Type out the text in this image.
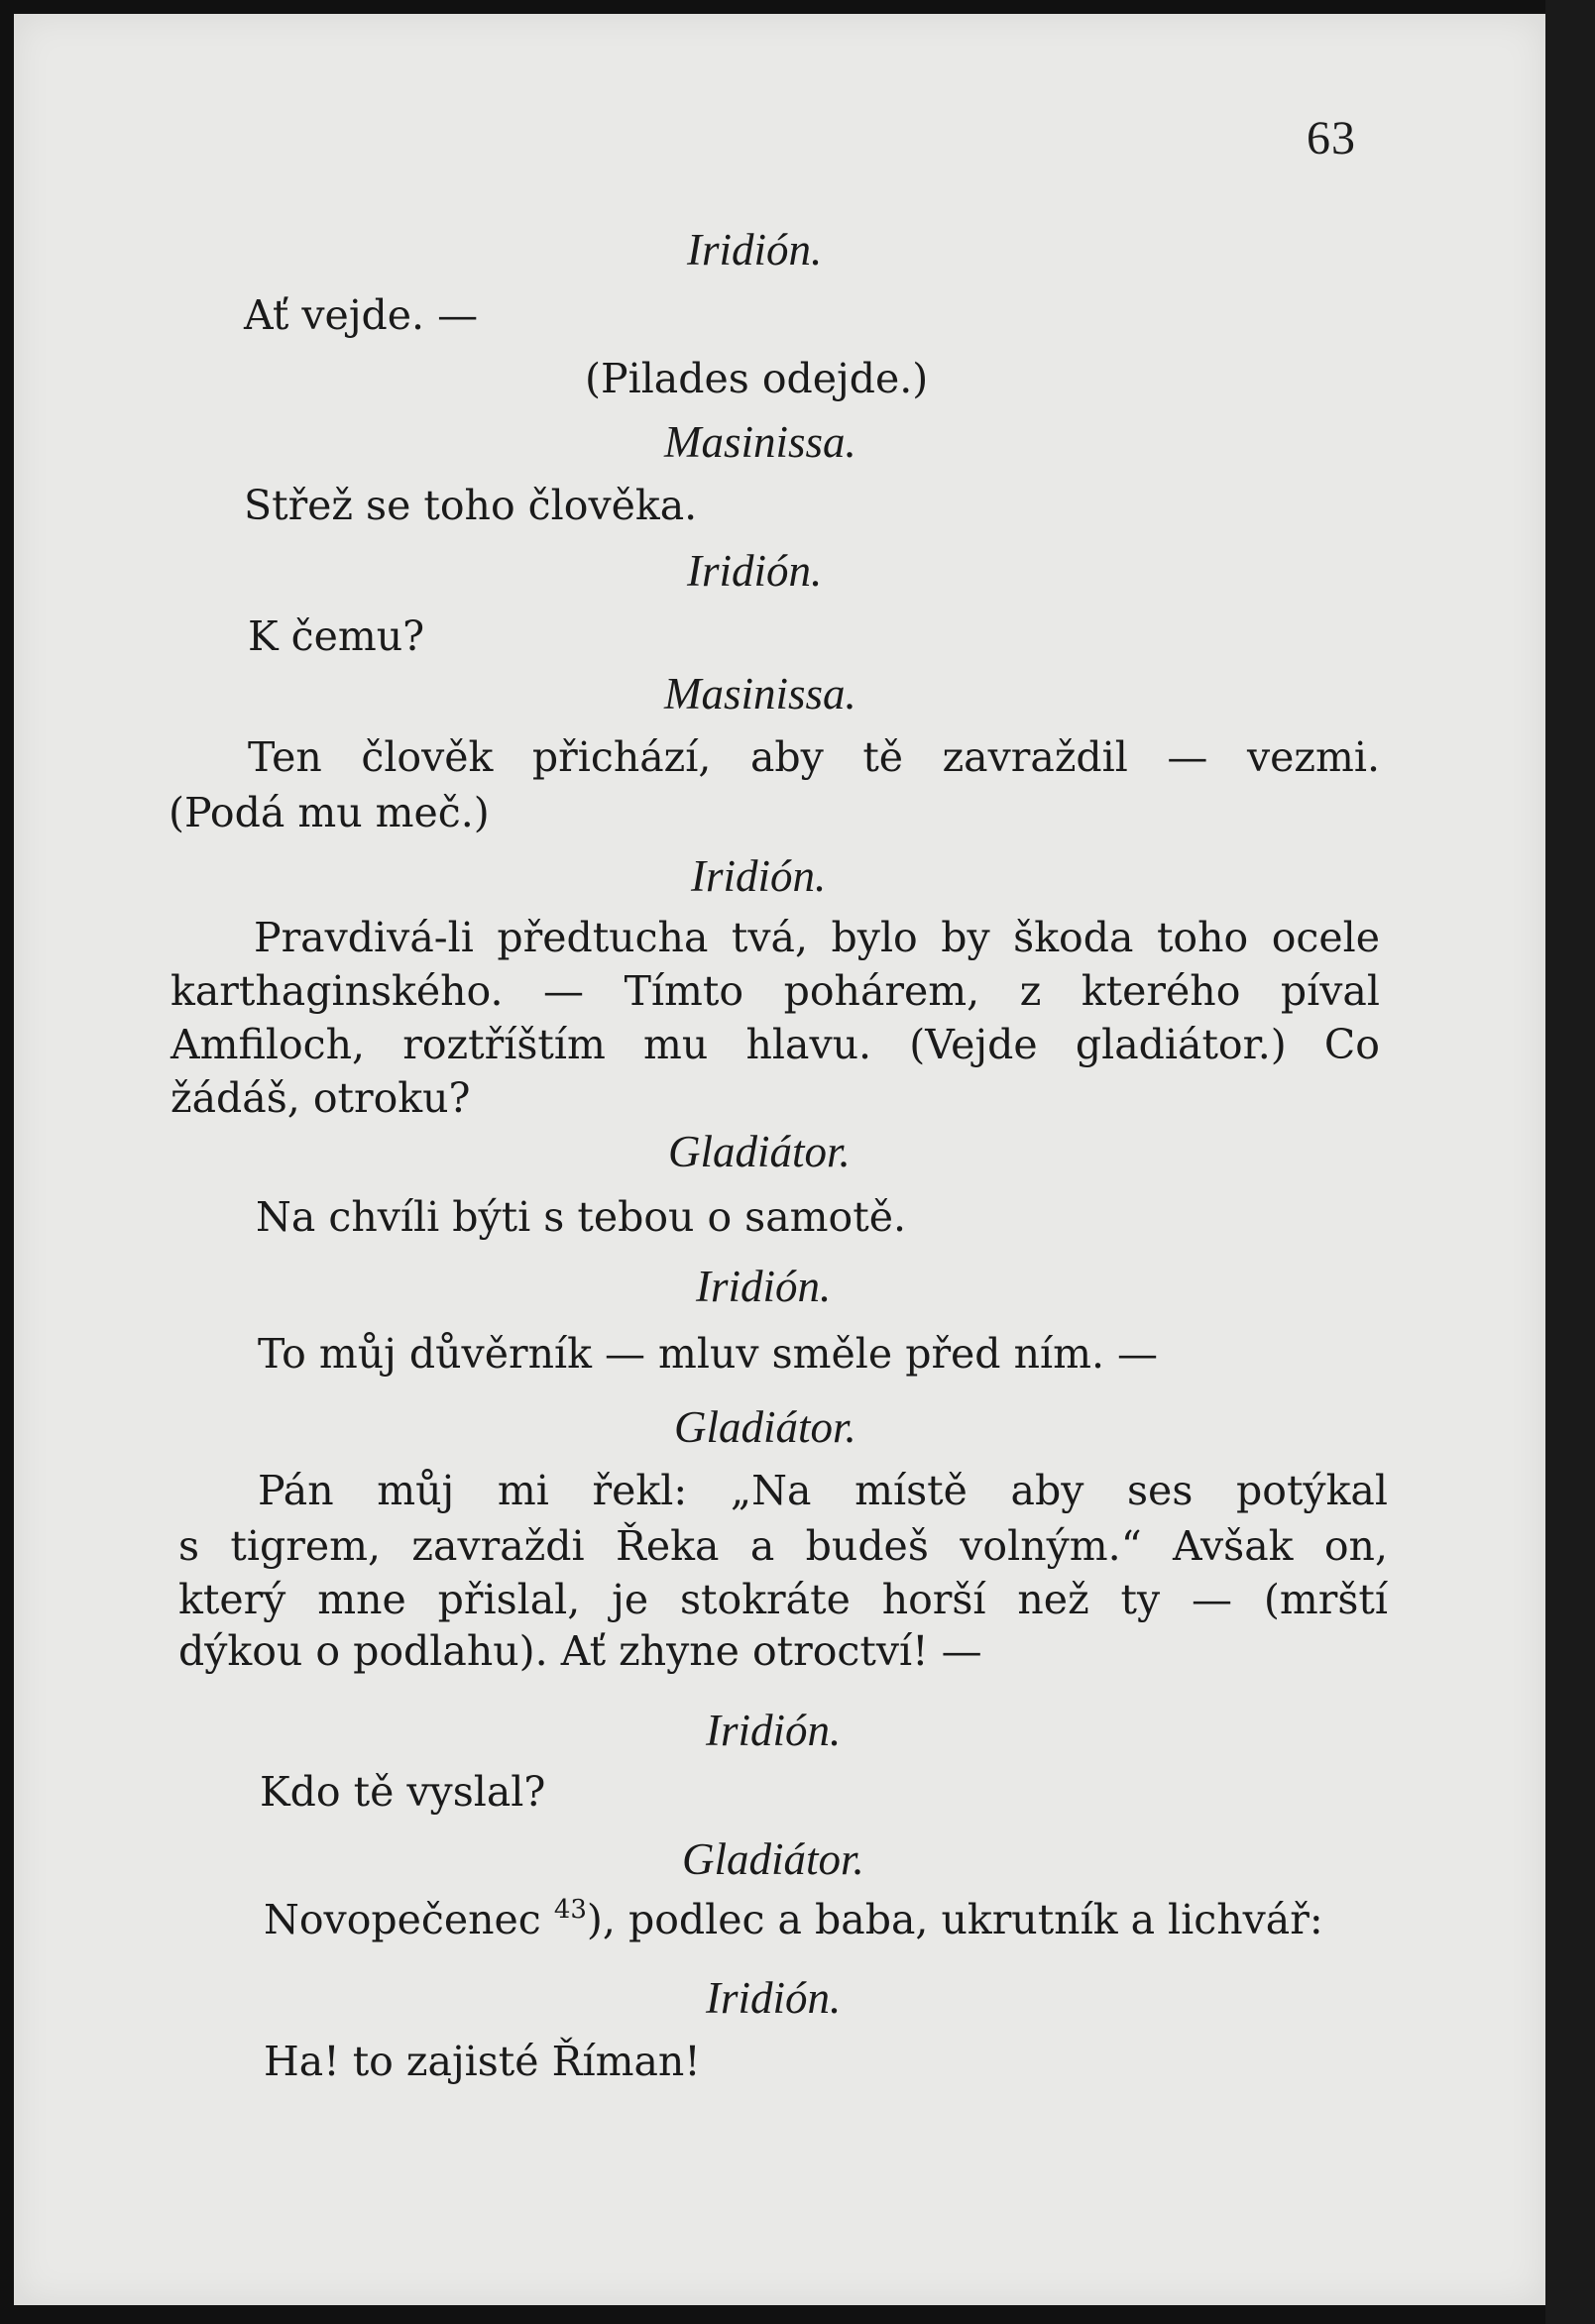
63
Iridión.
Ať vejde. —
(Pilades odejde.)
Masinissa.
Střež se toho člověka.
Iridión.
K čemu?
Masinissa.
Ten člověk přichází, aby tě zavraždil — vezmi.
(Podá mu meč.)
Iridión.
Pravdivá-li předtucha tvá, bylo by škoda toho ocele
karthaginského. — Tímto pohárem, z kterého píval
Amfiloch, roztříštím mu hlavu. (Vejde gladiátor.) Co
žádáš, otroku?
Gladiátor.
Na chvíli býti s tebou o samotě.
Iridión.
To můj důvěrník — mluv směle před ním. —
Gladiátor.
Pán můj mi řekl: „Na místě aby ses potýkal
s tigrem, zavraždi Řeka a budeš volným.“ Avšak on,
který mne přislal, je stokráte horší než ty — (mrští
dýkou o podlahu). Ať zhyne otroctví! —
Iridión.
Kdo tě vyslal?
Gladiátor.
Novopečenec $^{43}$), podlec a baba, ukrutník a lichvář:
Iridión.
Ha! to zajisté Říman!
